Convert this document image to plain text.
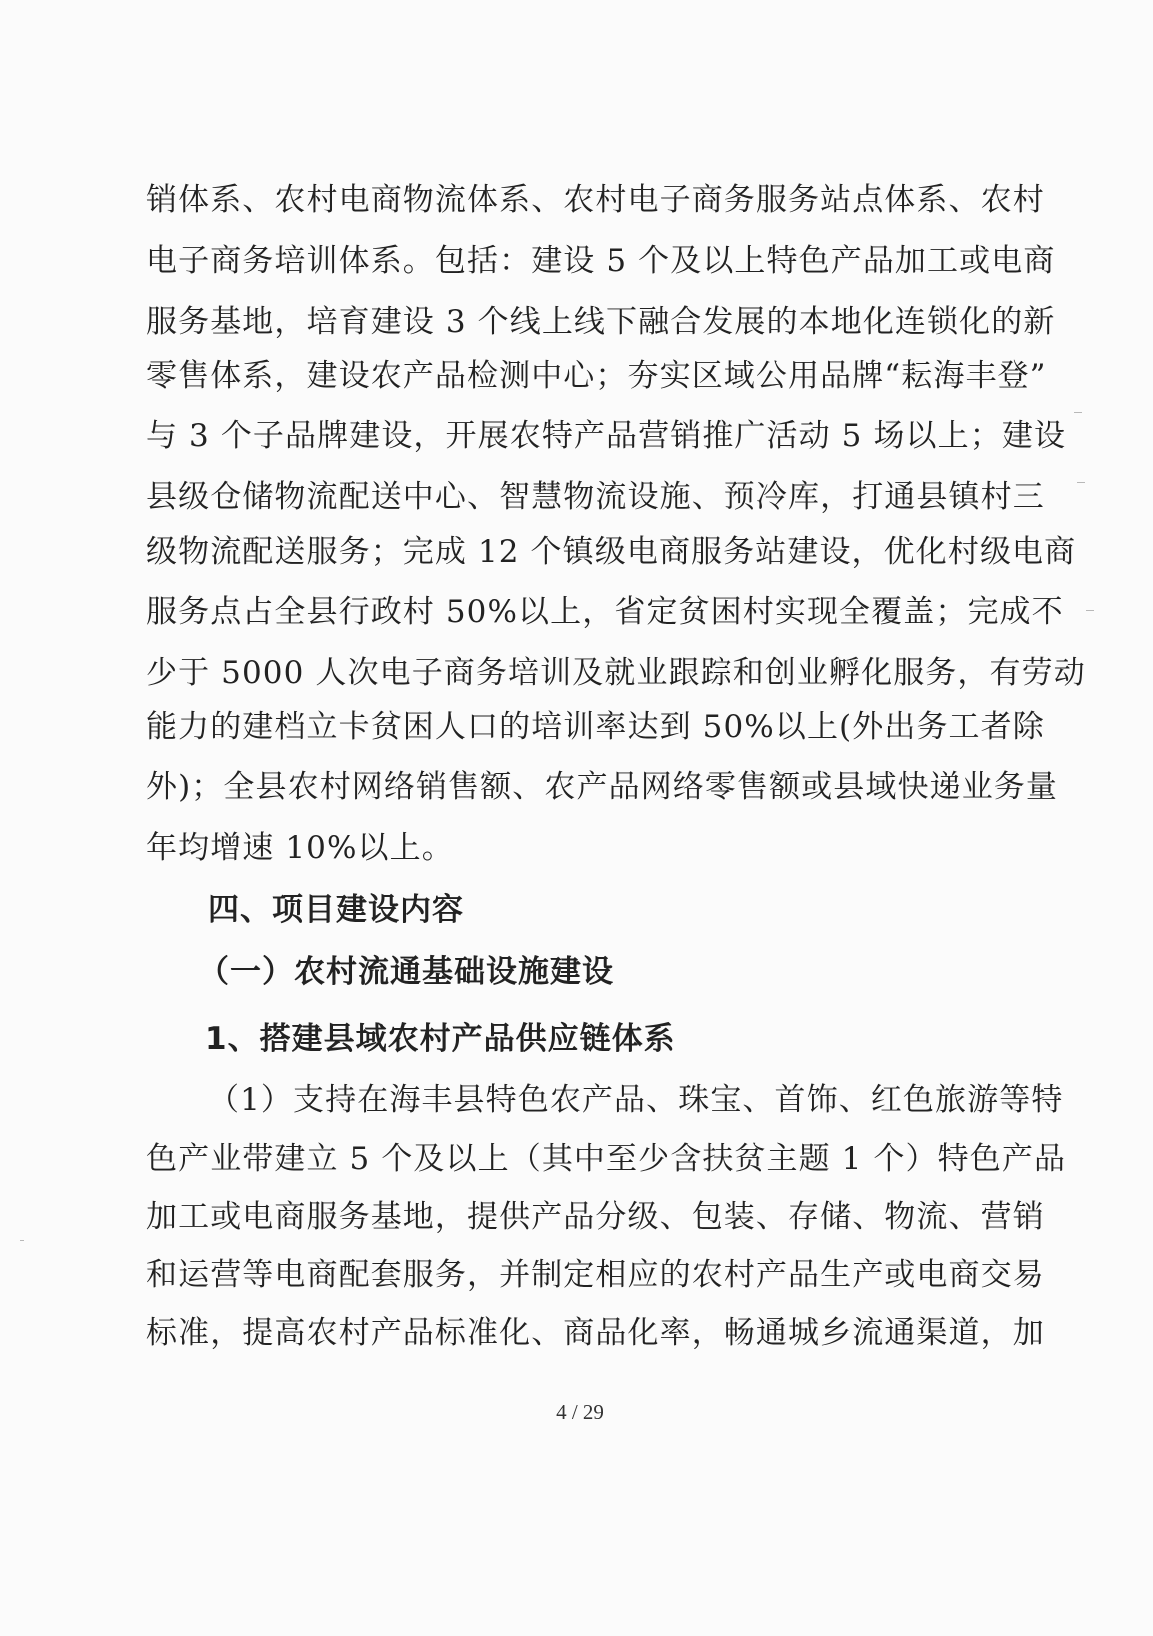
销体系、农村电商物流体系、农村电子商务服务站点体系、农村
电子商务培训体系。包括：建设 5 个及以上特色产品加工或电商
服务基地，培育建设 3 个线上线下融合发展的本地化连锁化的新
零售体系，建设农产品检测中心；夯实区域公用品牌“耘海丰登”
与 3 个子品牌建设，开展农特产品营销推广活动 5 场以上；建设
县级仓储物流配送中心、智慧物流设施、预冷库，打通县镇村三
级物流配送服务；完成 12 个镇级电商服务站建设，优化村级电商
服务点占全县行政村 50%以上，省定贫困村实现全覆盖；完成不
少于 5000 人次电子商务培训及就业跟踪和创业孵化服务，有劳动
能力的建档立卡贫困人口的培训率达到 50%以上(外出务工者除
外)；全县农村网络销售额、农产品网络零售额或县域快递业务量
年均增速 10%以上。
四、项目建设内容
（一）农村流通基础设施建设
1、搭建县域农村产品供应链体系
（1）支持在海丰县特色农产品、珠宝、首饰、红色旅游等特
色产业带建立 5 个及以上（其中至少含扶贫主题 1 个）特色产品
加工或电商服务基地，提供产品分级、包装、存储、物流、营销
和运营等电商配套服务，并制定相应的农村产品生产或电商交易
标准，提高农村产品标准化、商品化率，畅通城乡流通渠道，加
4 / 29
